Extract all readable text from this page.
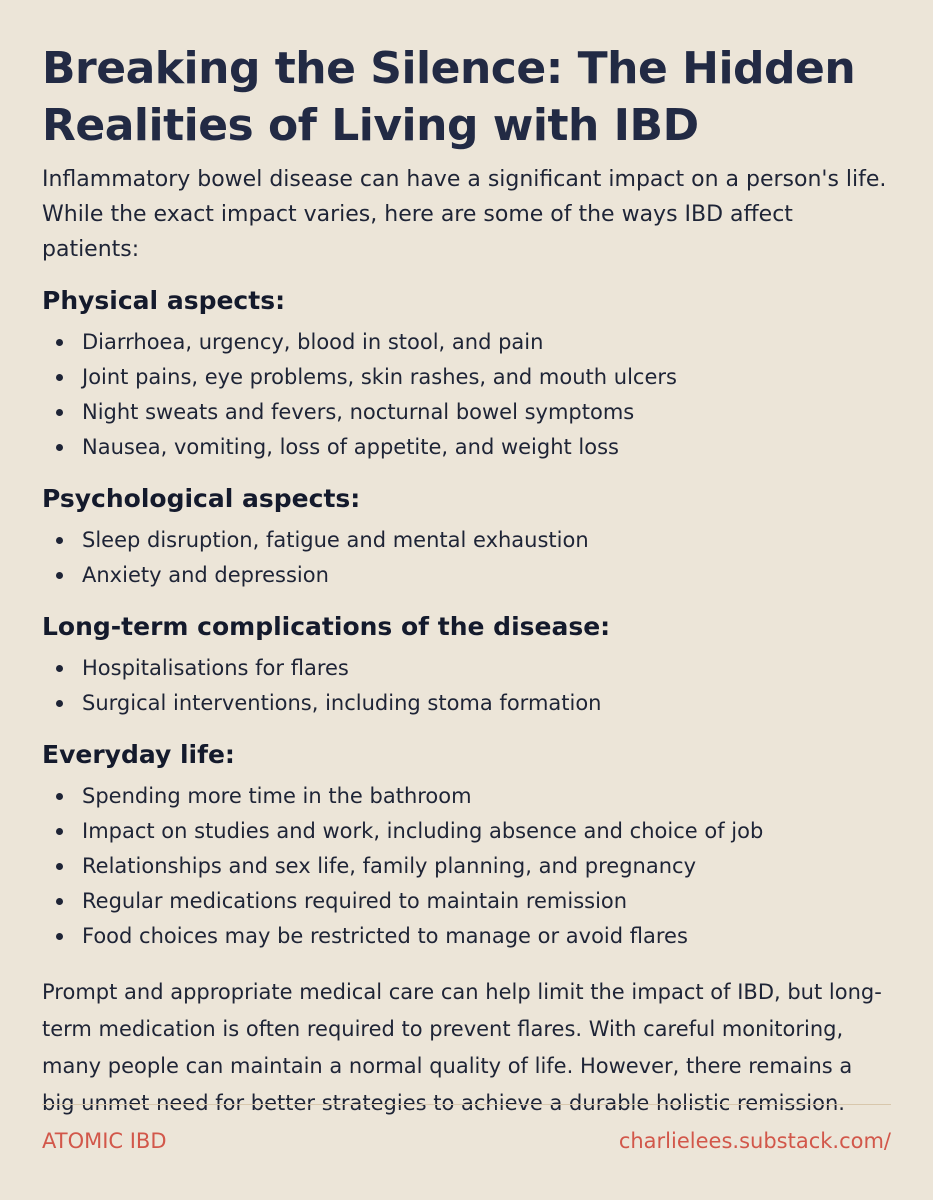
Breaking the Silence: The Hidden Realities of Living with IBD

Inflammatory bowel disease can have a significant impact on a person's life. While the exact impact varies, here are some of the ways IBD affect patients:

Physical aspects:
Diarrhoea, urgency, blood in stool, and pain
Joint pains, eye problems, skin rashes, and mouth ulcers
Night sweats and fevers, nocturnal bowel symptoms
Nausea, vomiting, loss of appetite, and weight loss
Psychological aspects:
Sleep disruption, fatigue and mental exhaustion
Anxiety and depression
Long-term complications of the disease:
Hospitalisations for flares
Surgical interventions, including stoma formation
Everyday life:
Spending more time in the bathroom
Impact on studies and work, including absence and choice of job
Relationships and sex life, family planning, and pregnancy
Regular medications required to maintain remission
Food choices may be restricted to manage or avoid flares

Prompt and appropriate medical care can help limit the impact of IBD, but long-term medication is often required to prevent flares. With careful monitoring, many people can maintain a normal quality of life. However, there remains a big unmet need for better strategies to achieve a durable holistic remission.

ATOMIC IBD	charlielees.substack.com/
